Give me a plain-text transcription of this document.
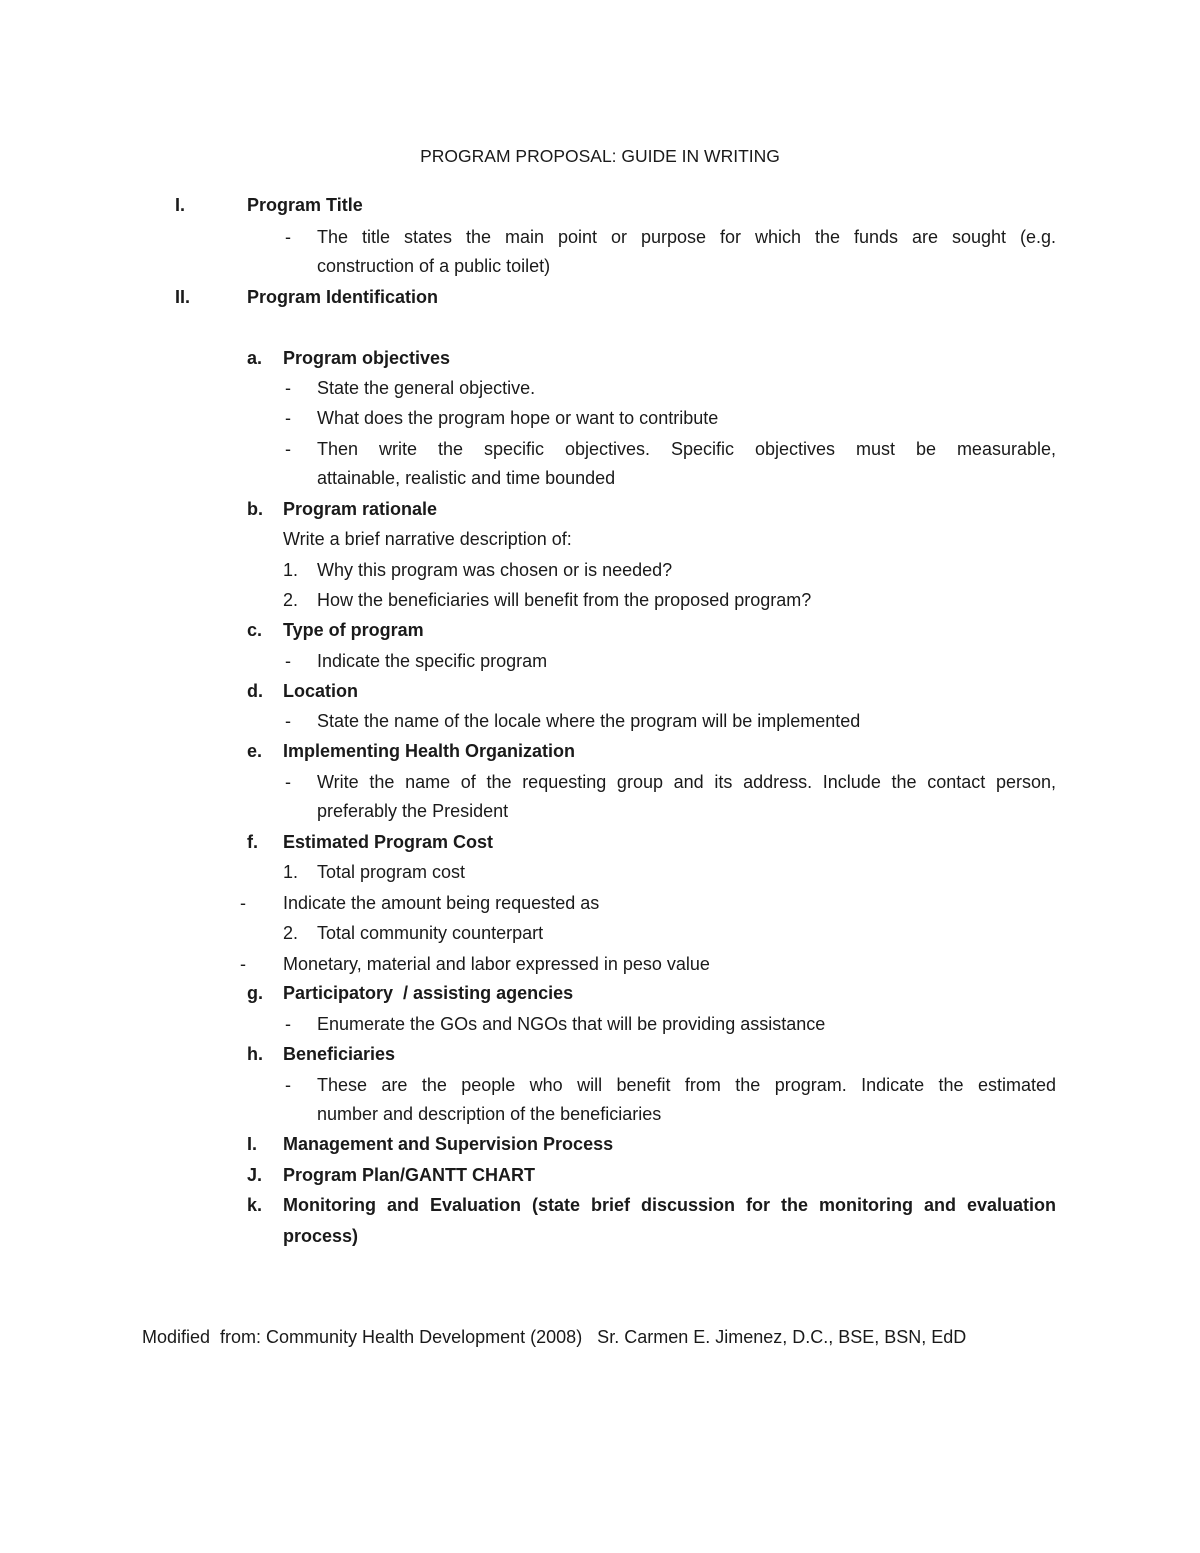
PROGRAM PROPOSAL: GUIDE IN WRITING
I.	Program Title
- The title states the main point or purpose for which the funds are sought (e.g.
construction of a public toilet)
II.	Program Identification
a. Program objectives
- State the general objective.
- What does the program hope or want to contribute
- Then write the specific objectives. Specific objectives must be measurable,
attainable, realistic and time bounded
b. Program rationale
Write a brief narrative description of:
1. Why this program was chosen or is needed?
2. How the beneficiaries will benefit from the proposed program?
c. Type of program
- Indicate the specific program
d. Location
- State the name of the locale where the program will be implemented
e. Implementing Health Organization
- Write the name of the requesting group and its address. Include the contact person,
preferably the President
f. Estimated Program Cost
1. Total program cost
- Indicate the amount being requested as
2. Total community counterpart
- Monetary, material and labor expressed in peso value
g. Participatory  / assisting agencies
- Enumerate the GOs and NGOs that will be providing assistance
h. Beneficiaries
- These are the people who will benefit from the program. Indicate the estimated
number and description of the beneficiaries
I. Management and Supervision Process
J. Program Plan/GANTT CHART
k. Monitoring and Evaluation (state brief discussion for the monitoring and evaluation
process)
Modified  from: Community Health Development (2008)   Sr. Carmen E. Jimenez, D.C., BSE, BSN, EdD
